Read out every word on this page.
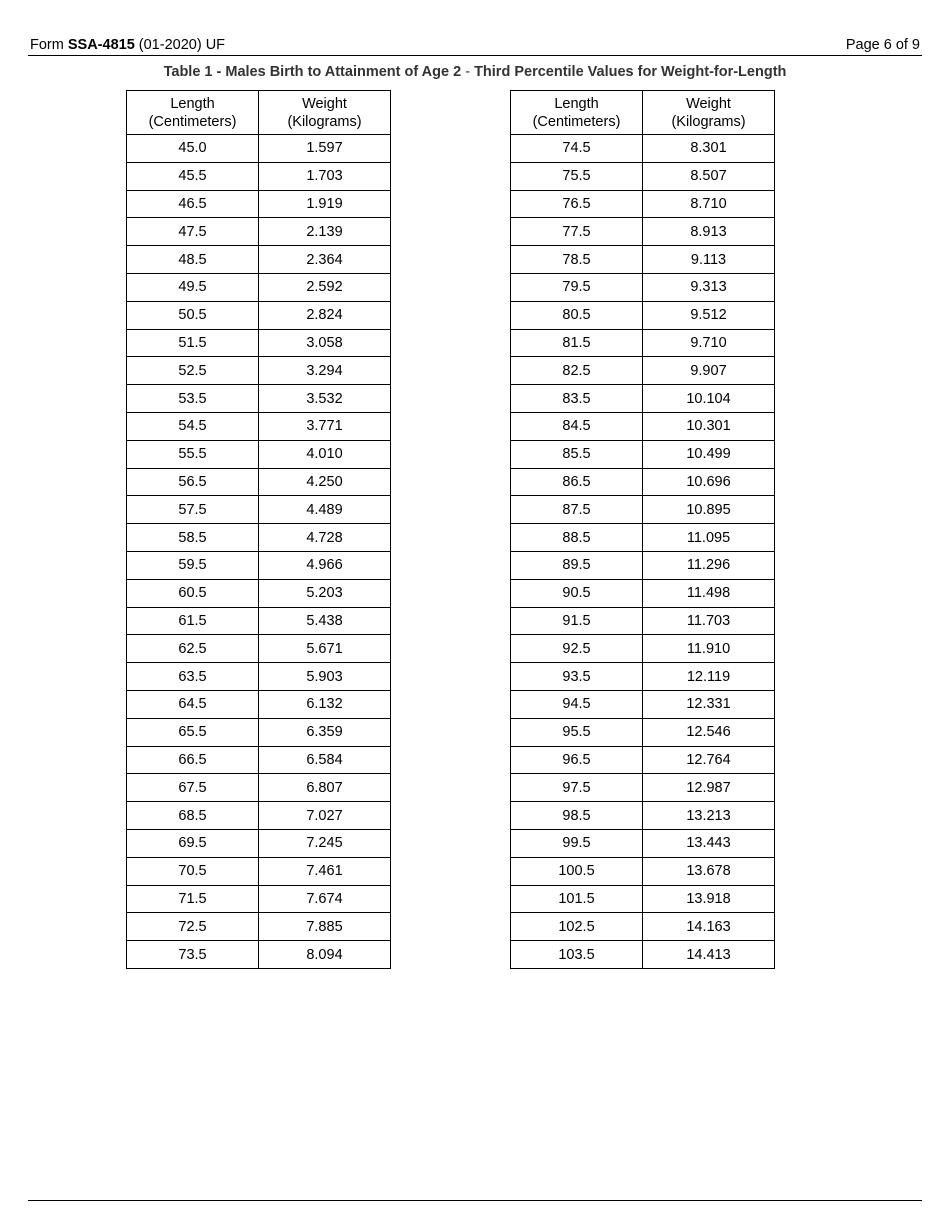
Form SSA-4815 (01-2020) UF	Page 6 of 9
Table 1 - Males Birth to Attainment of Age 2 - Third Percentile Values for Weight-for-Length
Length
(Centimeters)	Weight
(Kilograms)
45.0	1.597
45.5	1.703
46.5	1.919
47.5	2.139
48.5	2.364
49.5	2.592
50.5	2.824
51.5	3.058
52.5	3.294
53.5	3.532
54.5	3.771
55.5	4.010
56.5	4.250
57.5	4.489
58.5	4.728
59.5	4.966
60.5	5.203
61.5	5.438
62.5	5.671
63.5	5.903
64.5	6.132
65.5	6.359
66.5	6.584
67.5	6.807
68.5	7.027
69.5	7.245
70.5	7.461
71.5	7.674
72.5	7.885
73.5	8.094
Length
(Centimeters)	Weight
(Kilograms)
74.5	8.301
75.5	8.507
76.5	8.710
77.5	8.913
78.5	9.113
79.5	9.313
80.5	9.512
81.5	9.710
82.5	9.907
83.5	10.104
84.5	10.301
85.5	10.499
86.5	10.696
87.5	10.895
88.5	11.095
89.5	11.296
90.5	11.498
91.5	11.703
92.5	11.910
93.5	12.119
94.5	12.331
95.5	12.546
96.5	12.764
97.5	12.987
98.5	13.213
99.5	13.443
100.5	13.678
101.5	13.918
102.5	14.163
103.5	14.413
